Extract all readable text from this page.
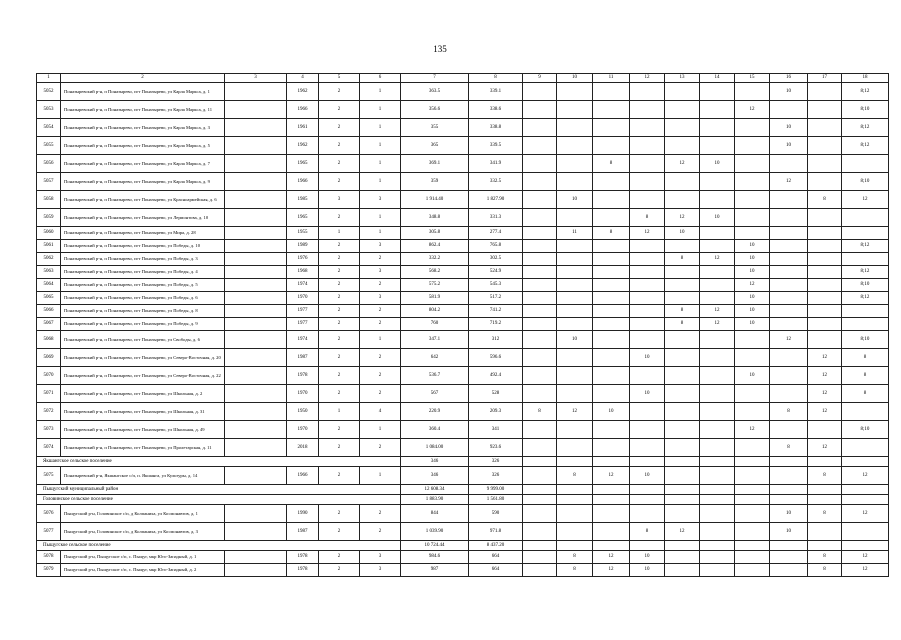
135
1	2	3	4	5	6	7	8	9	10	11	12	13	14	15	16	17	18
5052	Поназыревский р-н, п Поназырево, пгт Поназырево, ул Карла Маркса, д. 1		1962	2	1	363.5	339.1								10		8;12
5053	Поназыревский р-н, п Поназырево, пгт Поназырево, ул Карла Маркса, д. 11		1966	2	1	356.6	338.6							12			8;10
5054	Поназыревский р-н, п Поназырево, пгт Поназырево, ул Карла Маркса, д. 3		1961	2	1	355	338.8								10		8;12
5055	Поназыревский р-н, п Поназырево, пгт Поназырево, ул Карла Маркса, д. 5		1962	2	1	365	339.5								10		8;12
5056	Поназыревский р-н, п Поназырево, пгт Поназырево, ул Карла Маркса, д. 7		1965	2	1	369.1	341.9			8		12	10				
5057	Поназыревский р-н, п Поназырево, пгт Поназырево, ул Карла Маркса, д. 9		1966	2	1	359	332.5								12		8;10
5058	Поназыревский р-н, п Поназырево, пгт Поназырево, ул Красноармейская, д. 6		1985	3	3	1 914.40	1 827.90		10							8	12
5059	Поназыревский р-н, п Поназырево, пгт Поназырево, ул Лермонтова, д. 10		1965	2	1	348.8	331.3				8	12	10				
5060	Поназыревский р-н, п Поназырево, пгт Поназырево, ул Мира, д. 28		1955	1	1	305.8	277.4		11	8	12	10					
5061	Поназыревский р-н, п Поназырево, пгт Поназырево, ул Победы, д. 10		1989	2	3	862.4	765.8							10			8;12
5062	Поназыревский р-н, п Поназырево, пгт Поназырево, ул Победы, д. 3		1976	2	2	332.2	302.5					8	12	10			
5063	Поназыревский р-н, п Поназырево, пгт Поназырево, ул Победы, д. 4		1968	2	3	568.2	524.9							10			8;12
5064	Поназыревский р-н, п Поназырево, пгт Поназырево, ул Победы, д. 5		1974	2	2	575.2	545.3							12			8;10
5065	Поназыревский р-н, п Поназырево, пгт Поназырево, ул Победы, д. 6		1970	2	3	581.9	517.2							10			8;12
5066	Поназыревский р-н, п Поназырево, пгт Поназырево, ул Победы, д. 8		1977	2	2	804.2	741.2					8	12	10			
5067	Поназыревский р-н, п Поназырево, пгт Поназырево, ул Победы, д. 9		1977	2	2	760	719.2					8	12	10			
5068	Поназыревский р-н, п Поназырево, пгт Поназырево, ул Свободы, д. 6		1974	2	1	347.1	312		10						12		8;10
5069	Поназыревский р-н, п Поназырево, пгт Поназырево, ул Северо-Восточная, д. 20		1987	2	2	642	596.6				10					12	8
5070	Поназыревский р-н, п Поназырево, пгт Поназырево, ул Северо-Восточная, д. 22		1978	2	2	536.7	492.4							10		12	8
5071	Поназыревский р-н, п Поназырево, пгт Поназырево, ул Школьная, д. 2		1970	2	2	567	528				10					12	8
5072	Поназыревский р-н, п Поназырево, пгт Поназырево, ул Школьная, д. 31		1950	1	4	220.9	209.3	8	12	10					8	12	
5073	Поназыревский р-н, п Поназырево, пгт Поназырево, ул Школьная, д. 49		1970	2	1	360.4	341							12			8;10
5074	Поназыревский р-н, п Поназырево, пгт Поназырево, ул Пролетарская, д. 11		2018	2	2	1 084.00	923.6								8	12	
Якшангское сельское поселение						346	326										
5075	Поназыревский р-н, Якшангское с/п, п. Якшанга, ул Культуры, д. 14		1966	2	1	346	326		8	12	10					8	12
Пыщугский муниципальный район						12 608.34	9 999.00										
Головинское сельское поселение						1 883.90	1 561.80										
5076	Пыщугский р-н, Головинское с/п, д Колпаниха, ул Космонавтов, д. 1		1990	2	2	844	590								10	8	12
5077	Пыщугский р-н, Головинское с/п, д Колпаниха, ул Космонавтов, д. 3		1987	2	2	1 039.90	971.8				8	12			10		
Пыщугское сельское поселение						10 724.44	8 437.20										
5078	Пыщугский р-н, Пыщугское с/п, с. Пыщуг, мкр Юго-Западный, д. 1		1978	2	3	984.6	664		8	12	10					8	12
5079	Пыщугский р-н, Пыщугское с/п, с. Пыщуг, мкр Юго-Западный, д. 2		1978	2	3	987	664		8	12	10					8	12
